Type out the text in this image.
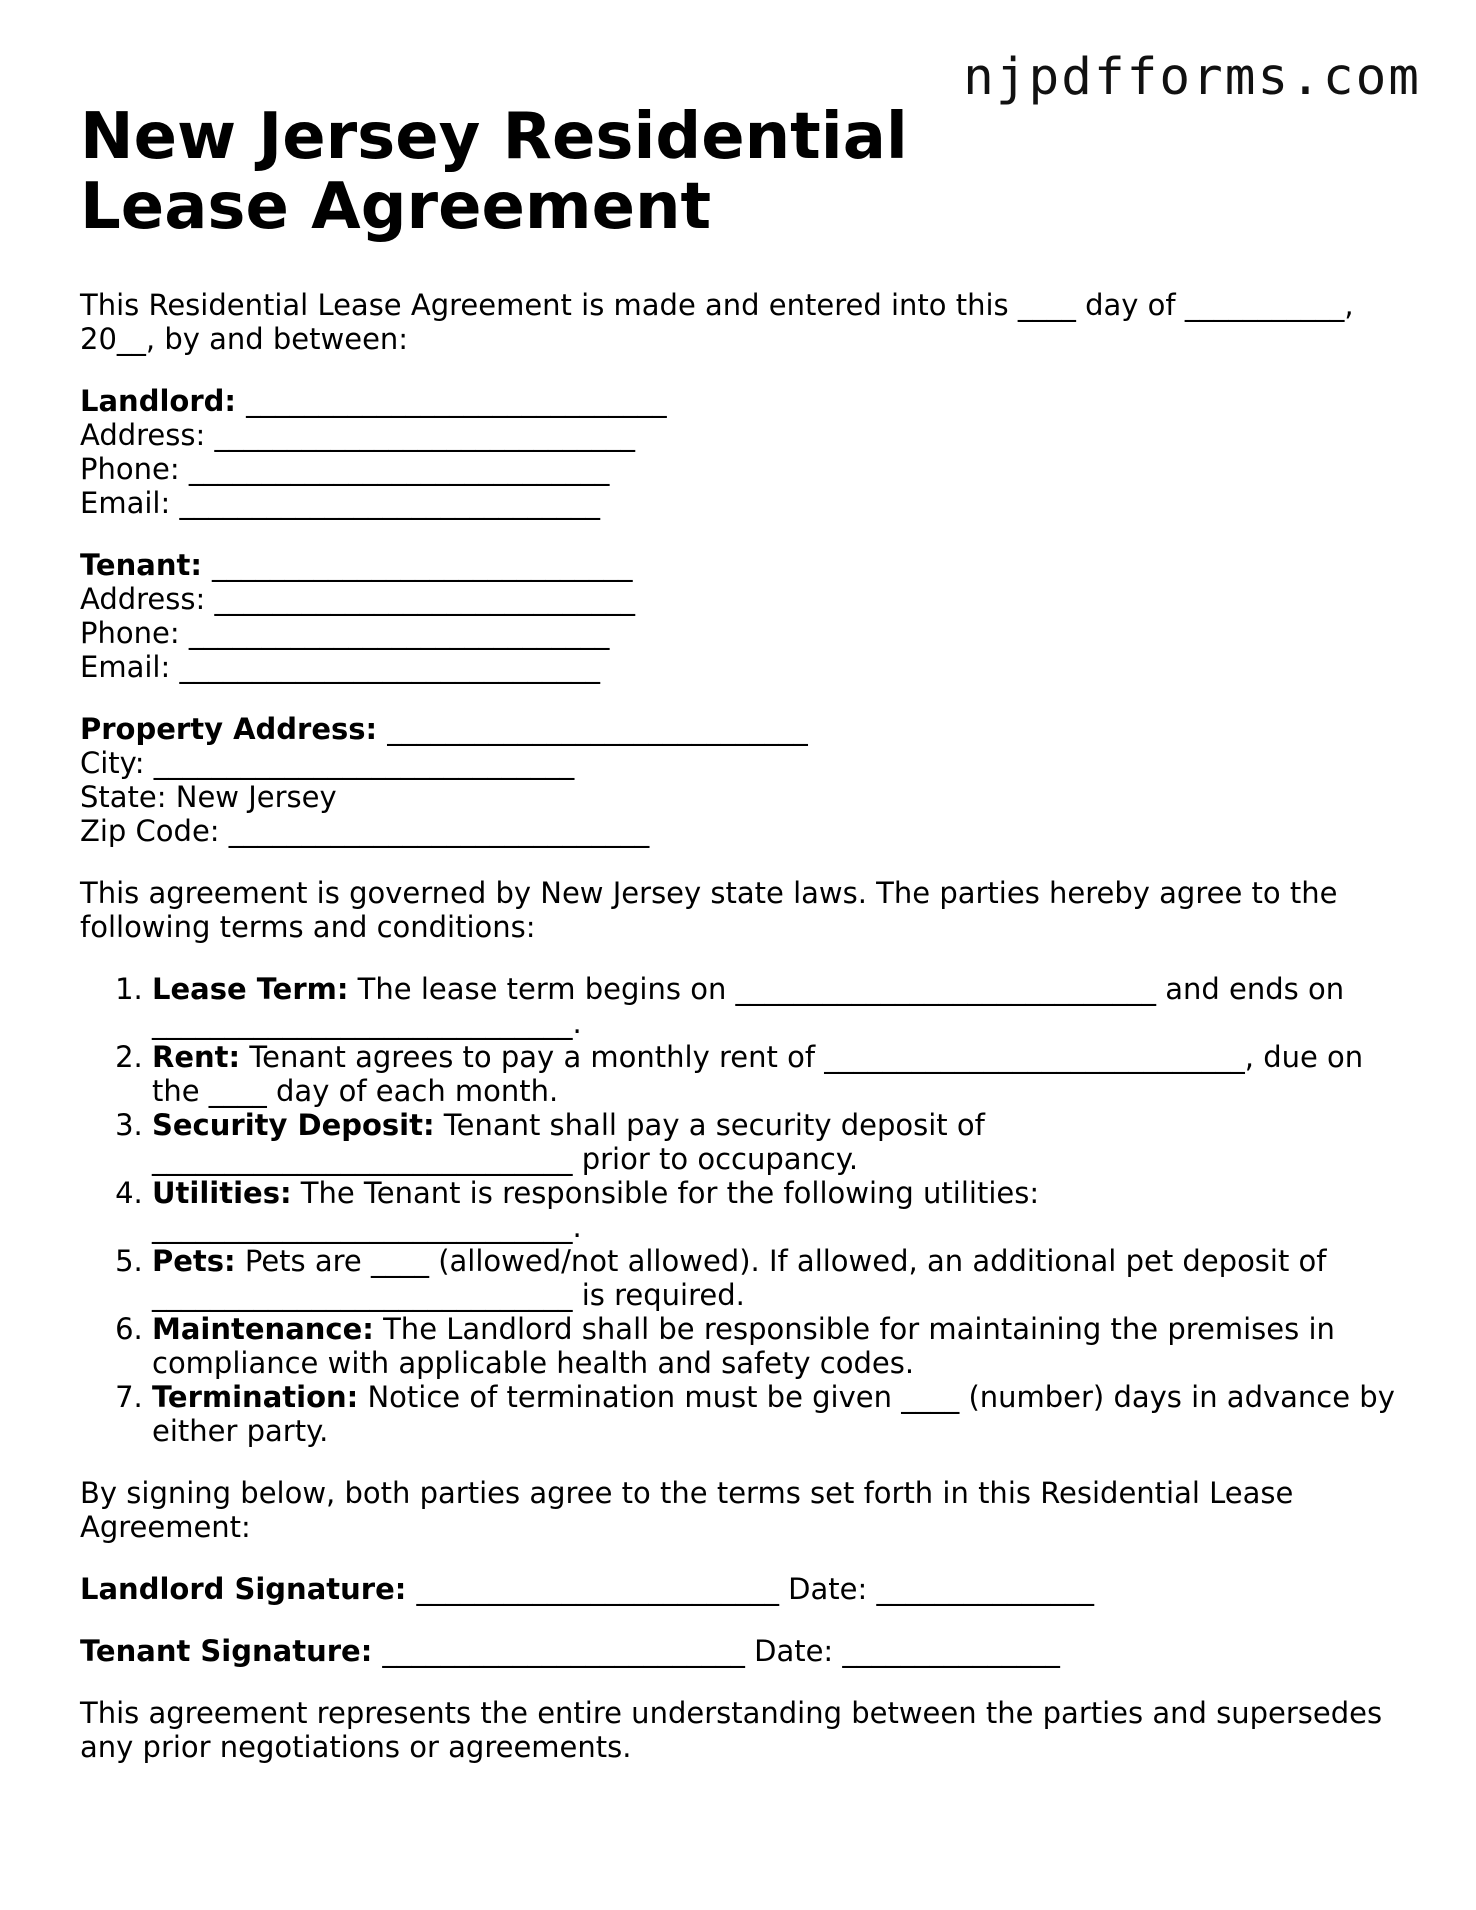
njpdfforms.com
New Jersey Residential Lease Agreement

This Residential Lease Agreement is made and entered into this ____ day of ___________, 20__, by and between:

Landlord: _____________________________
Address: _____________________________
Phone: _____________________________
Email: _____________________________
Tenant: _____________________________
Address: _____________________________
Phone: _____________________________
Email: _____________________________
Property Address: _____________________________
City: _____________________________
State: New Jersey
Zip Code: _____________________________

This agreement is governed by New Jersey state laws. The parties hereby agree to the following terms and conditions:

1. Lease Term: The lease term begins on _____________________________ and ends on _____________________________.
2. Rent: Tenant agrees to pay a monthly rent of _____________________________, due on the ____ day of each month.
3. Security Deposit: Tenant shall pay a security deposit of _____________________________ prior to occupancy.
4. Utilities: The Tenant is responsible for the following utilities: _____________________________.
5. Pets: Pets are ____ (allowed/not allowed). If allowed, an additional pet deposit of _____________________________ is required.
6. Maintenance: The Landlord shall be responsible for maintaining the premises in compliance with applicable health and safety codes.
7. Termination: Notice of termination must be given ____ (number) days in advance by either party.

By signing below, both parties agree to the terms set forth in this Residential Lease Agreement:

Landlord Signature: _________________________ Date: _______________
Tenant Signature: _________________________ Date: _______________

This agreement represents the entire understanding between the parties and supersedes any prior negotiations or agreements.
